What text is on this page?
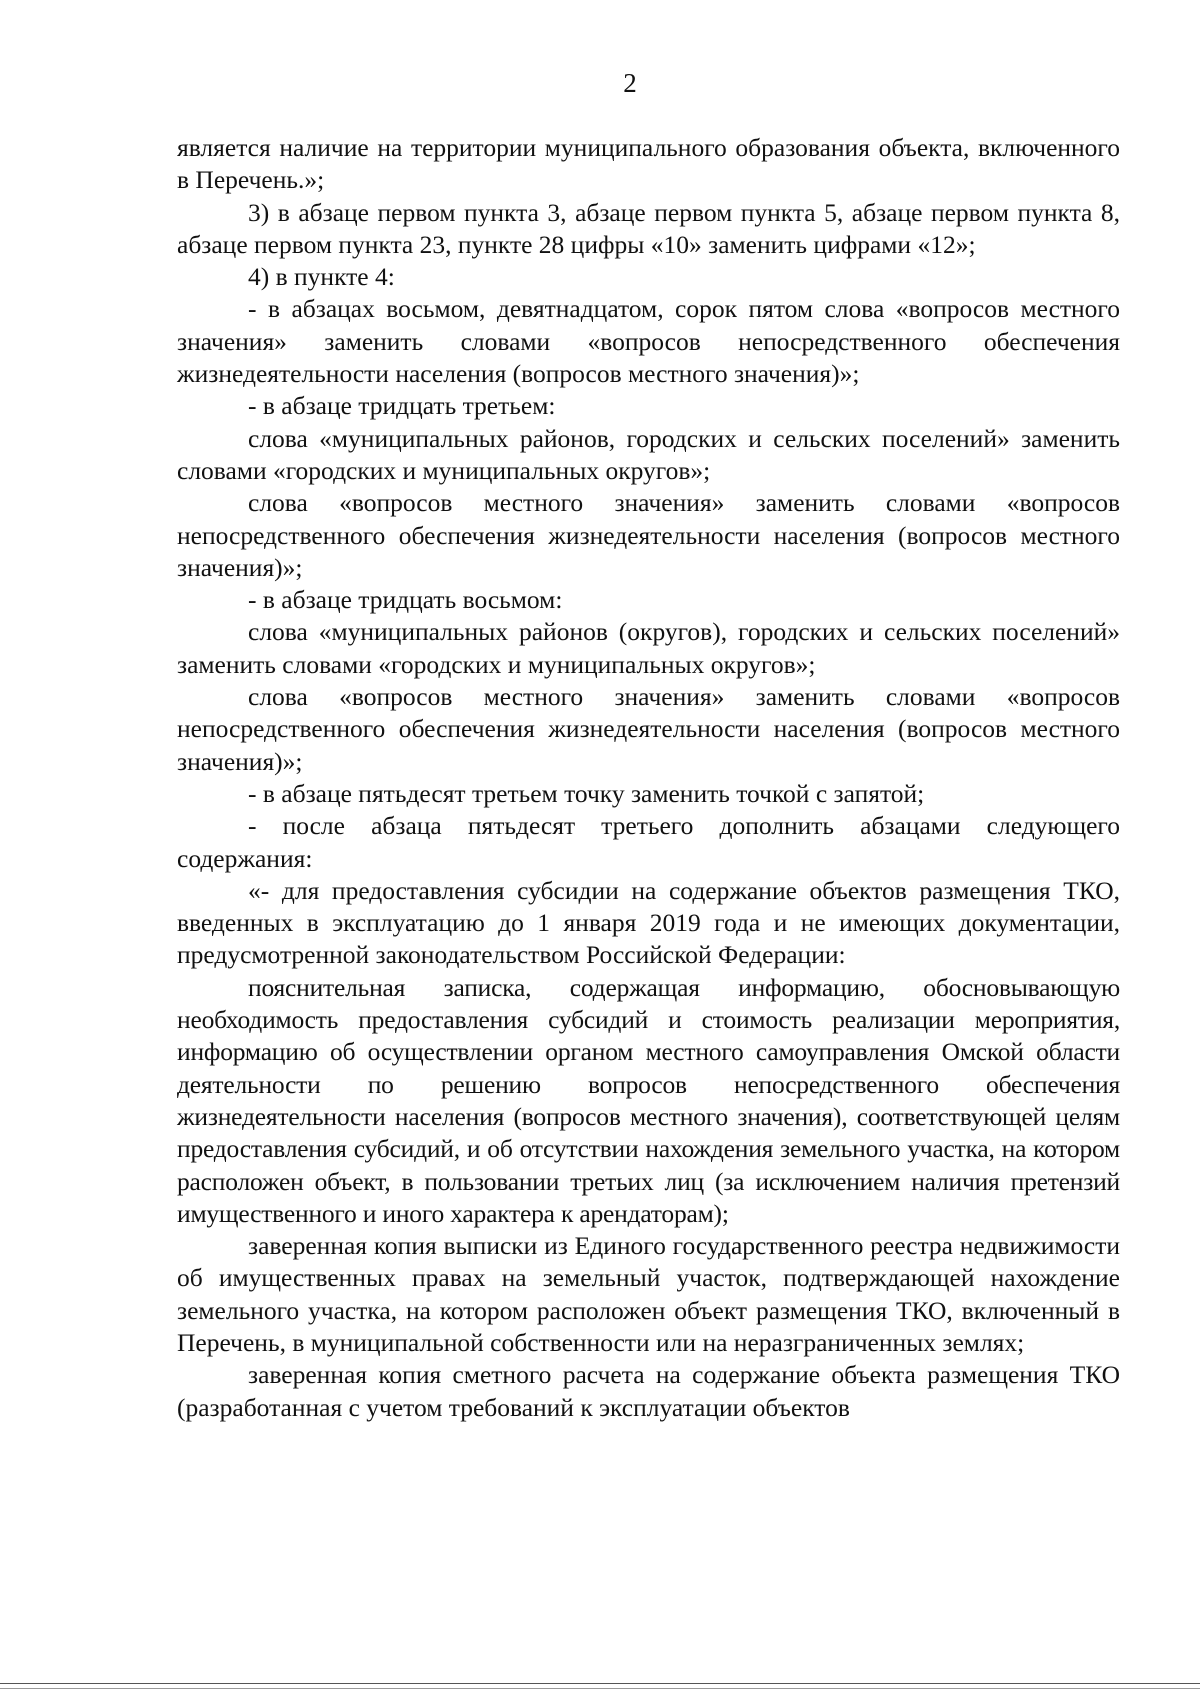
2

является наличие на территории муниципального образования объекта, включенного в Перечень.»;

3) в абзаце первом пункта 3, абзаце первом пункта 5, абзаце первом пункта 8, абзаце первом пункта 23, пункте 28 цифры «10» заменить цифрами «12»;

4) в пункте 4:

- в абзацах восьмом, девятнадцатом, сорок пятом слова «вопросов местного значения» заменить словами «вопросов непосредственного обеспечения жизнедеятельности населения (вопросов местного значения)»;

- в абзаце тридцать третьем:

слова «муниципальных районов, городских и сельских поселений» заменить словами «городских и муниципальных округов»;

слова «вопросов местного значения» заменить словами «вопросов непосредственного обеспечения жизнедеятельности населения (вопросов местного значения)»;

- в абзаце тридцать восьмом:

слова «муниципальных районов (округов), городских и сельских поселений» заменить словами «городских и муниципальных округов»;

слова «вопросов местного значения» заменить словами «вопросов непосредственного обеспечения жизнедеятельности населения (вопросов местного значения)»;

- в абзаце пятьдесят третьем точку заменить точкой с запятой;

- после абзаца пятьдесят третьего дополнить абзацами следующего содержания:

«- для предоставления субсидии на содержание объектов размещения ТКО, введенных в эксплуатацию до 1 января 2019 года и не имеющих документации, предусмотренной законодательством Российской Федерации:

пояснительная записка, содержащая информацию, обосновывающую необходимость предоставления субсидий и стоимость реализации мероприятия, информацию об осуществлении органом местного самоуправления Омской области деятельности по решению вопросов непосредственного обеспечения жизнедеятельности населения (вопросов местного значения), соответствующей целям предоставления субсидий, и об отсутствии нахождения земельного участка, на котором расположен объект, в пользовании третьих лиц (за исключением наличия претензий имущественного и иного характера к арендаторам);

заверенная копия выписки из Единого государственного реестра недвижимости об имущественных правах на земельный участок, подтверждающей нахождение земельного участка, на котором расположен объект размещения ТКО, включенный в Перечень, в муниципальной собственности или на неразграниченных землях;

заверенная копия сметного расчета на содержание объекта размещения ТКО (разработанная с учетом требований к эксплуатации объектов
